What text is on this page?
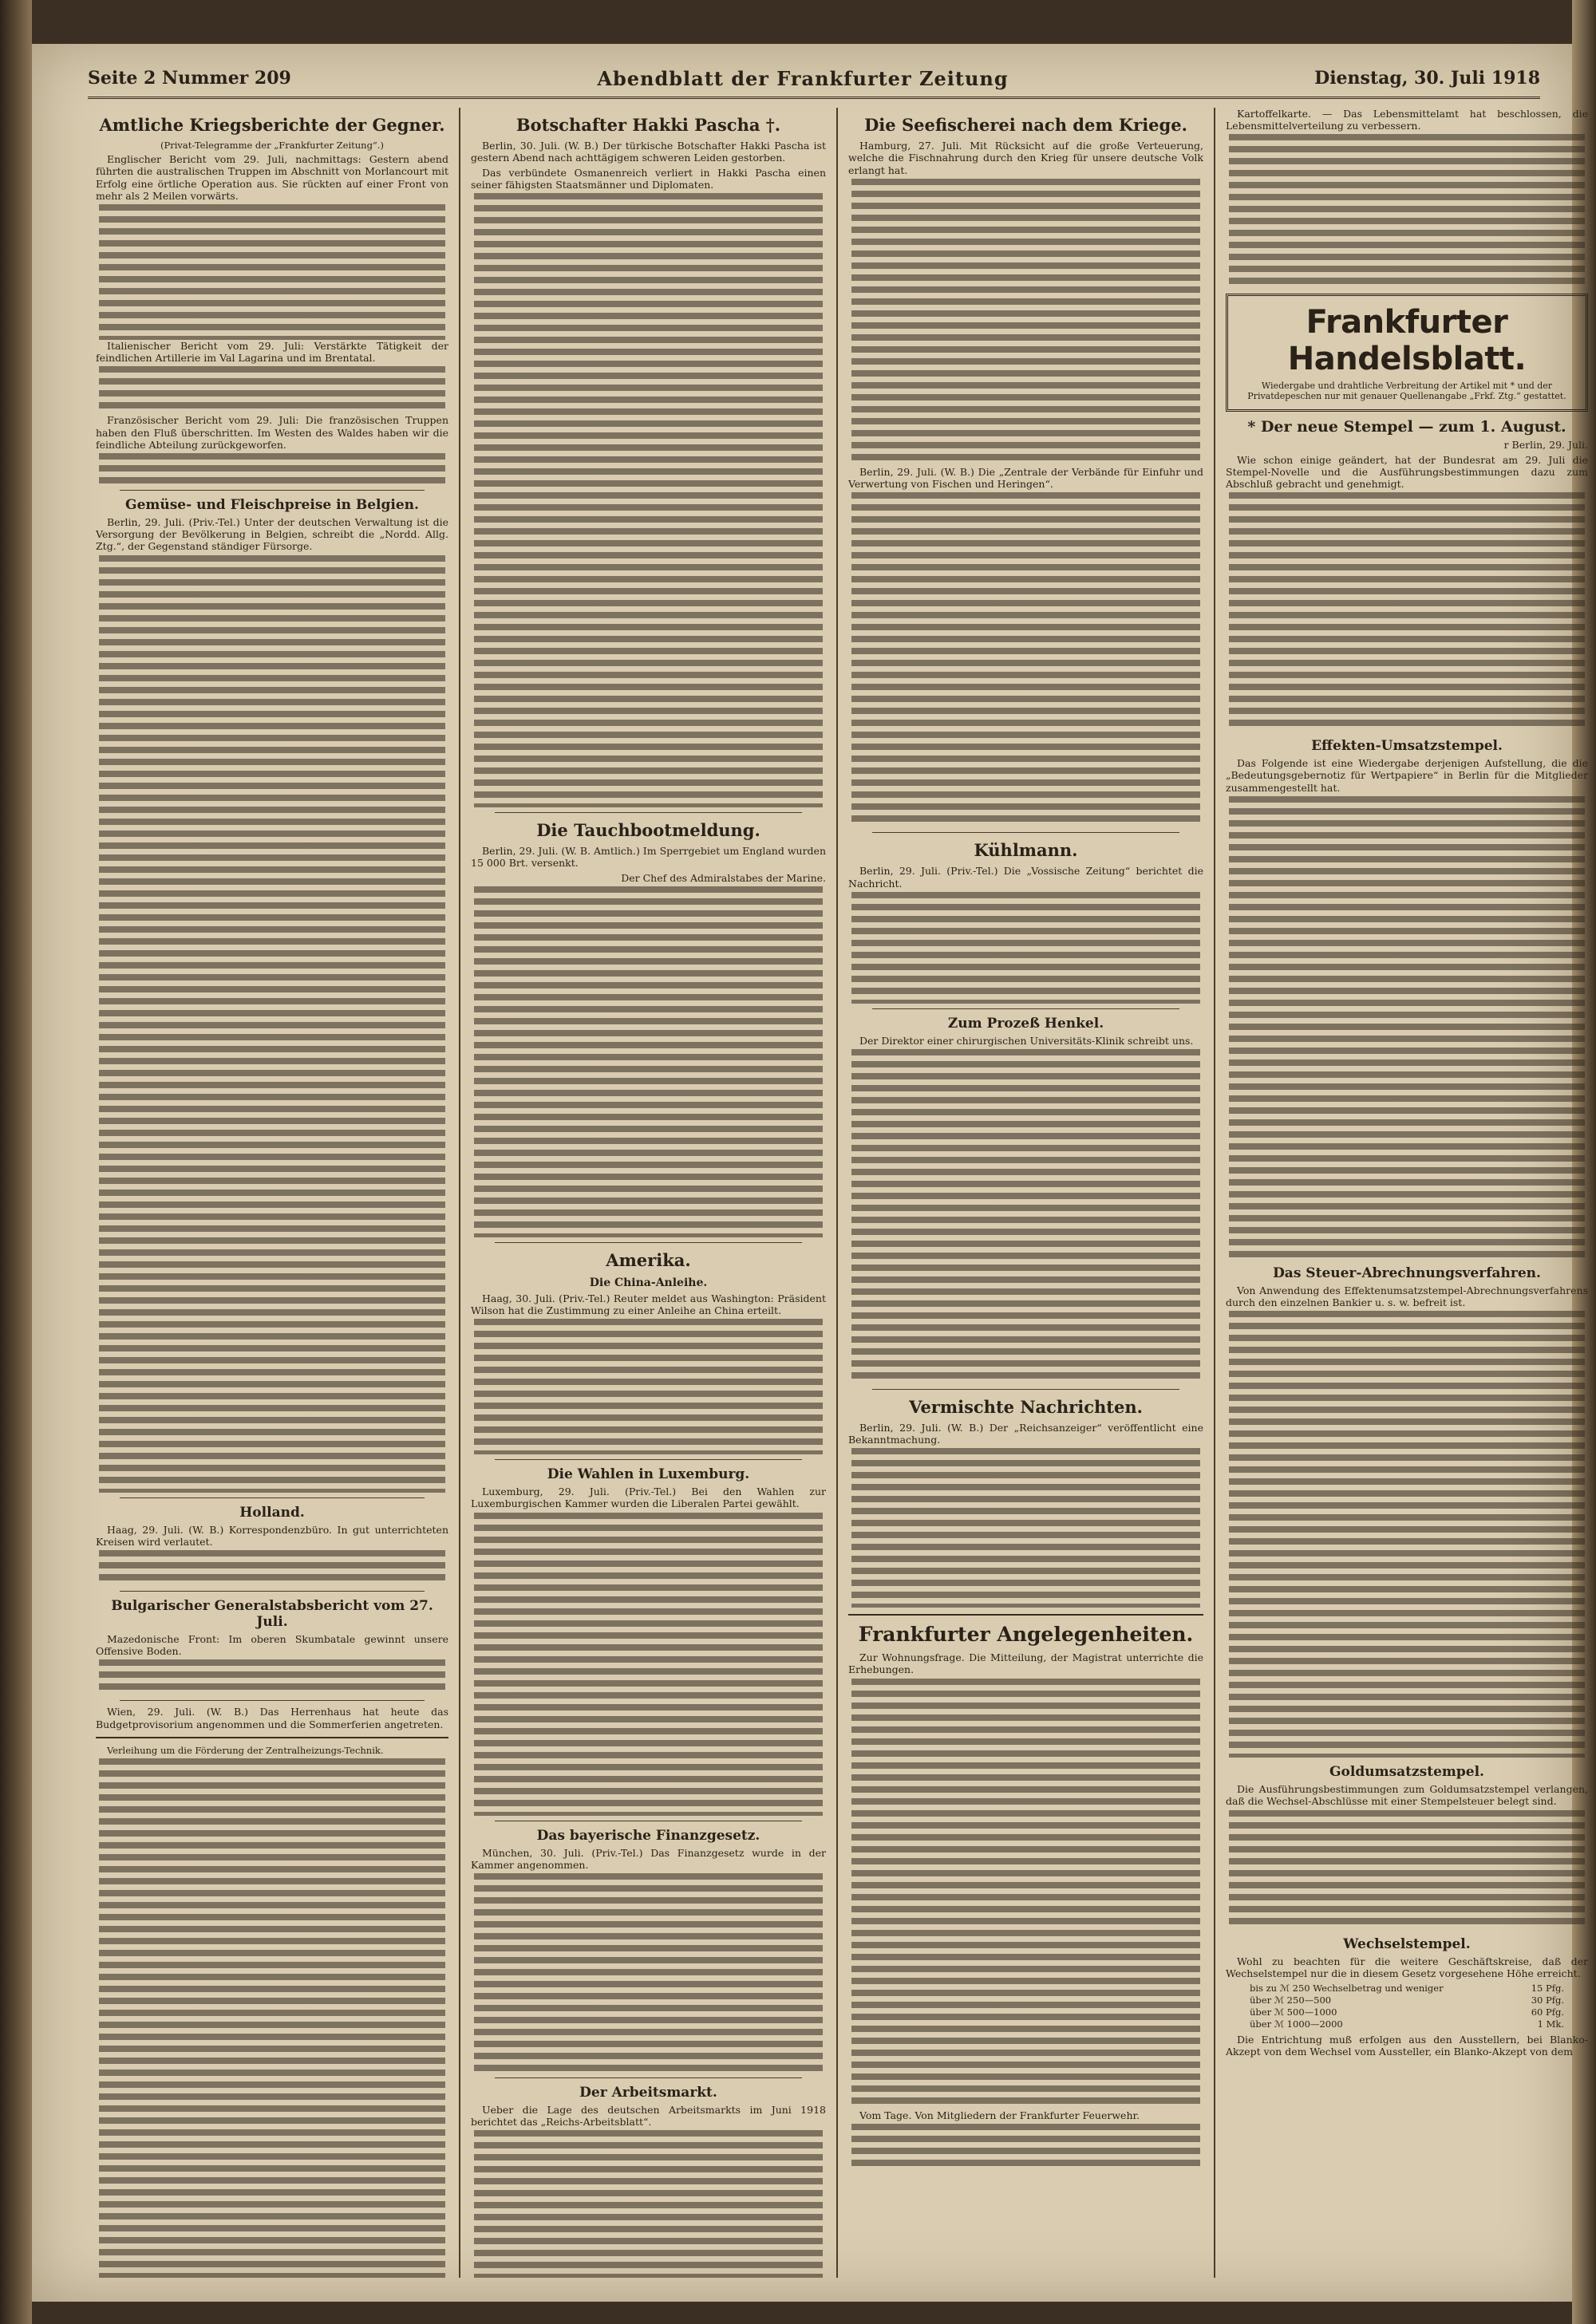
Seite 2 Nummer 209	Abendblatt der Frankfurter Zeitung	Dienstag, 30. Juli 1918
Amtliche Kriegsberichte der Gegner.

(Privat-Telegramme der „Frankfurter Zeitung“.)

Englischer Bericht vom 29. Juli, nachmittags: Gestern abend führten die australischen Truppen im Abschnitt von Morlancourt mit Erfolg eine örtliche Operation aus. Sie rückten auf einer Front von mehr als 2 Meilen vorwärts.

Italienischer Bericht vom 29. Juli: Verstärkte Tätigkeit der feindlichen Artillerie im Val Lagarina und im Brentatal.

Französischer Bericht vom 29. Juli: Die französischen Truppen haben den Fluß überschritten. Im Westen des Waldes haben wir die feindliche Abteilung zurückgeworfen.

Gemüse- und Fleischpreise in Belgien.

Berlin, 29. Juli. (Priv.-Tel.) Unter der deutschen Verwaltung ist die Versorgung der Bevölkerung in Belgien, schreibt die „Nordd. Allg. Ztg.“, der Gegenstand ständiger Fürsorge.

Holland.

Haag, 29. Juli. (W. B.) Korrespondenzbüro. In gut unterrichteten Kreisen wird verlautet.

Bulgarischer Generalstabsbericht vom 27. Juli.

Mazedonische Front: Im oberen Skumbatale gewinnt unsere Offensive Boden.

Wien, 29. Juli. (W. B.) Das Herrenhaus hat heute das Budgetprovisorium angenommen und die Sommerferien angetreten.

Verleihung um die Förderung der Zentralheizungs-Technik.

Botschafter Hakki Pascha †.

Berlin, 30. Juli. (W. B.) Der türkische Botschafter Hakki Pascha ist gestern Abend nach achttägigem schweren Leiden gestorben.

Das verbündete Osmanenreich verliert in Hakki Pascha einen seiner fähigsten Staatsmänner und Diplomaten.

Die Tauchbootmeldung.

Berlin, 29. Juli. (W. B. Amtlich.) Im Sperrgebiet um England wurden 15 000 Brt. versenkt.

Der Chef des Admiralstabes der Marine.

Amerika.
Die China-Anleihe.

Haag, 30. Juli. (Priv.-Tel.) Reuter meldet aus Washington: Präsident Wilson hat die Zustimmung zu einer Anleihe an China erteilt.

Die Wahlen in Luxemburg.

Luxemburg, 29. Juli. (Priv.-Tel.) Bei den Wahlen zur Luxemburgischen Kammer wurden die Liberalen Partei gewählt.

Das bayerische Finanzgesetz.

München, 30. Juli. (Priv.-Tel.) Das Finanzgesetz wurde in der Kammer angenommen.

Der Arbeitsmarkt.

Ueber die Lage des deutschen Arbeitsmarkts im Juni 1918 berichtet das „Reichs-Arbeitsblatt“.

Die Seefischerei nach dem Kriege.

Hamburg, 27. Juli. Mit Rücksicht auf die große Verteuerung, welche die Fischnahrung durch den Krieg für unsere deutsche Volk erlangt hat.

Berlin, 29. Juli. (W. B.) Die „Zentrale der Verbände für Einfuhr und Verwertung von Fischen und Heringen“.

Kühlmann.

Berlin, 29. Juli. (Priv.-Tel.) Die „Vossische Zeitung“ berichtet die Nachricht.

Zum Prozeß Henkel.

Der Direktor einer chirurgischen Universitäts-Klinik schreibt uns.

Vermischte Nachrichten.

Berlin, 29. Juli. (W. B.) Der „Reichsanzeiger“ veröffentlicht eine Bekanntmachung.

Frankfurter Angelegenheiten.

Zur Wohnungsfrage. Die Mitteilung, der Magistrat unterrichte die Erhebungen.

Vom Tage. Von Mitgliedern der Frankfurter Feuerwehr.

Kartoffelkarte. — Das Lebensmittelamt hat beschlossen, die Lebensmittelverteilung zu verbessern.

Frankfurter Handelsblatt.
Wiedergabe und drahtliche Verbreitung der Artikel mit * und der Privatdepeschen nur mit genauer Quellenangabe „Frkf. Ztg.“ gestattet.
* Der neue Stempel — zum 1. August.

r Berlin, 29. Juli.

Wie schon einige geändert, hat der Bundesrat am 29. Juli die Stempel-Novelle und die Ausführungsbestimmungen dazu zum Abschluß gebracht und genehmigt.

Effekten-Umsatzstempel.

Das Folgende ist eine Wiedergabe derjenigen Aufstellung, die die „Bedeutungsgebernotiz für Wertpapiere“ in Berlin für die Mitglieder zusammengestellt hat.

Das Steuer-Abrechnungsverfahren.

Von Anwendung des Effektenumsatzstempel-Abrechnungsverfahrens durch den einzelnen Bankier u. s. w. befreit ist.

Goldumsatzstempel.

Die Ausführungsbestimmungen zum Goldumsatzstempel verlangen, daß die Wechsel-Abschlüsse mit einer Stempelsteuer belegt sind.

Wechselstempel.

Wohl zu beachten für die weitere Geschäftskreise, daß der Wechselstempel nur die in diesem Gesetz vorgesehene Höhe erreicht.

bis zu ℳ 250 Wechselbetrag und weniger	15 Pfg.
über ℳ 250—500	30 Pfg.
über ℳ 500—1000	60 Pfg.
über ℳ 1000—2000	1 Mk.

Die Entrichtung muß erfolgen aus den Ausstellern, bei Blanko-Akzept von dem Wechsel vom Aussteller, ein Blanko-Akzept von dem
